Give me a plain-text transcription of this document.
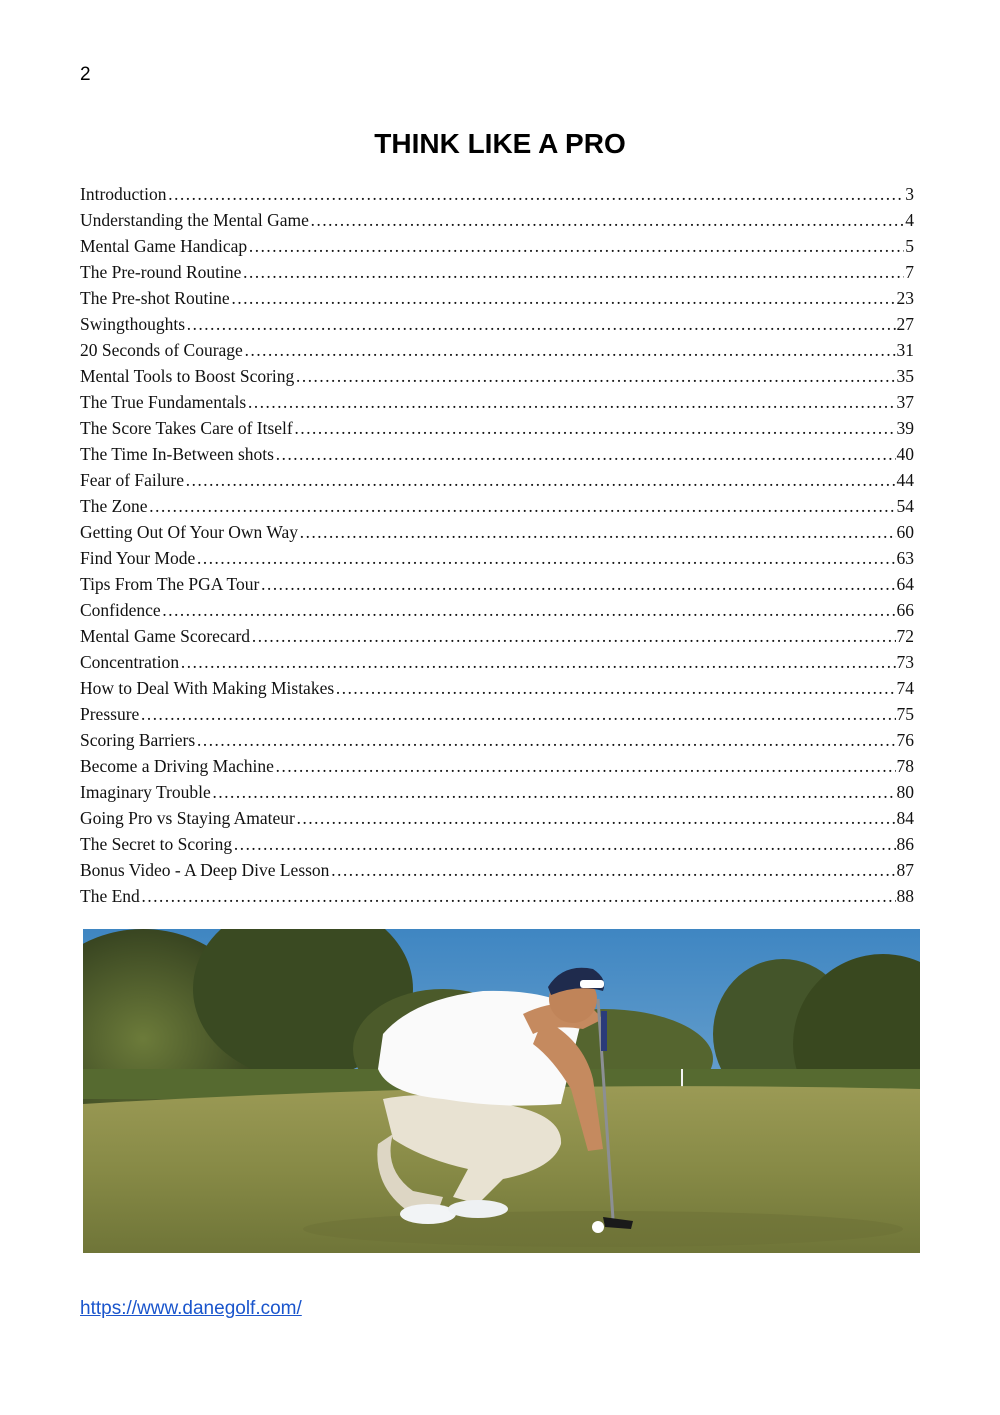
2
THINK LIKE A PRO
Introduction ………………………………………………………………………………………………………………………………………………………………………………………………………………………………	3
Understanding the Mental Game ………………………………………………………………………………………………………………………………………………………………………………………………………………………………	4
Mental Game Handicap ………………………………………………………………………………………………………………………………………………………………………………………………………………………………	5
The Pre-round Routine ………………………………………………………………………………………………………………………………………………………………………………………………………………………………	7
The Pre-shot Routine ………………………………………………………………………………………………………………………………………………………………………………………………………………………………	23
Swingthoughts ………………………………………………………………………………………………………………………………………………………………………………………………………………………………	27
20 Seconds of Courage ………………………………………………………………………………………………………………………………………………………………………………………………………………………………	31
Mental Tools to Boost Scoring ………………………………………………………………………………………………………………………………………………………………………………………………………………………………	35
The True Fundamentals ………………………………………………………………………………………………………………………………………………………………………………………………………………………………	37
The Score Takes Care of Itself ………………………………………………………………………………………………………………………………………………………………………………………………………………………………	39
The Time In-Between shots ………………………………………………………………………………………………………………………………………………………………………………………………………………………………	40
Fear of Failure ………………………………………………………………………………………………………………………………………………………………………………………………………………………………	44
The Zone ………………………………………………………………………………………………………………………………………………………………………………………………………………………………	54
Getting Out Of Your Own Way ………………………………………………………………………………………………………………………………………………………………………………………………………………………………	60
Find Your Mode ………………………………………………………………………………………………………………………………………………………………………………………………………………………………	63
Tips From The PGA Tour ………………………………………………………………………………………………………………………………………………………………………………………………………………………………	64
Confidence ………………………………………………………………………………………………………………………………………………………………………………………………………………………………	66
Mental Game Scorecard ………………………………………………………………………………………………………………………………………………………………………………………………………………………………	72
Concentration ………………………………………………………………………………………………………………………………………………………………………………………………………………………………	73
How to Deal With Making Mistakes ………………………………………………………………………………………………………………………………………………………………………………………………………………………………	74
Pressure ………………………………………………………………………………………………………………………………………………………………………………………………………………………………	75
Scoring Barriers ………………………………………………………………………………………………………………………………………………………………………………………………………………………………	76
Become a Driving Machine ………………………………………………………………………………………………………………………………………………………………………………………………………………………………	78
Imaginary Trouble ………………………………………………………………………………………………………………………………………………………………………………………………………………………………	80
Going Pro vs Staying Amateur ………………………………………………………………………………………………………………………………………………………………………………………………………………………………	84
The Secret to Scoring ………………………………………………………………………………………………………………………………………………………………………………………………………………………………	86
Bonus Video - A Deep Dive Lesson ………………………………………………………………………………………………………………………………………………………………………………………………………………………………	87
The End ………………………………………………………………………………………………………………………………………………………………………………………………………………………………	88
https://www.danegolf.com/
